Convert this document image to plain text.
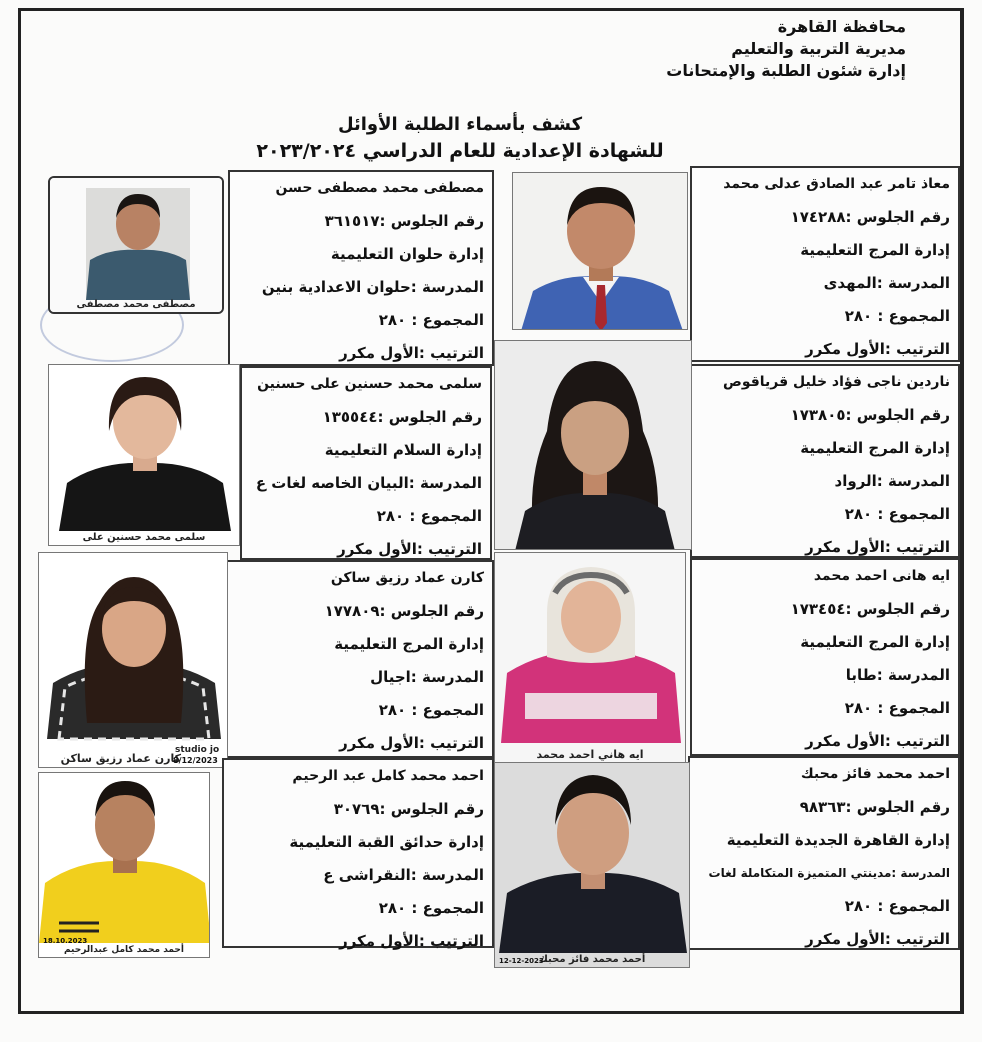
محافظة القاهرة
مديرية التربية والتعليم
إدارة شئون الطلبة والإمتحانات
كشف بأسماء الطلبة الأوائل
للشهادة الإعدادية للعام الدراسي ٢٠٢٣/٢٠٢٤
معاذ تامر عبد الصادق عدلى محمد
رقم الجلوس :١٧٤٢٨٨
إدارة المرج التعليمية
المدرسة :المهدى
المجموع : ٢٨٠
الترتيب :الأول مكرر
مصطفى محمد مصطفى حسن
رقم الجلوس :٣٦١٥١٧
إدارة حلوان التعليمية
المدرسة :حلوان الاعدادية بنين
المجموع : ٢٨٠
الترتيب :الأول مكرر
مصطفى محمد مصطفى
ناردين ناجى فؤاد خليل قرياقوص
رقم الجلوس :١٧٣٨٠٥
إدارة المرج التعليمية
المدرسة :الرواد
المجموع : ٢٨٠
الترتيب :الأول مكرر
سلمى محمد حسنين على حسنين
رقم الجلوس :١٣٥٥٤٤
إدارة السلام التعليمية
المدرسة :البيان الخاصه لغات ع
المجموع : ٢٨٠
الترتيب :الأول مكرر
سلمى محمد حسنين على
ايه هانى احمد محمد
رقم الجلوس :١٧٣٤٥٤
إدارة المرج التعليمية
المدرسة :طابا
المجموع : ٢٨٠
الترتيب :الأول مكرر
ايه هاني احمد محمد
كارن عماد رزيق ساكن
رقم الجلوس :١٧٧٨٠٩
إدارة المرج التعليمية
المدرسة :اجيال
المجموع : ٢٨٠
الترتيب :الأول مكرر
كارن عماد رزيق ساكن
8/12/2023
studio jo
احمد محمد فائز محبك
رقم الجلوس :٩٨٣٦٣
إدارة القاهرة الجديدة التعليمية
المدرسة :مدينتي المتميزة المتكاملة لغات
المجموع : ٢٨٠
الترتيب :الأول مكرر
أحمد محمد فائز محبك
12-12-2023
احمد محمد كامل عبد الرحيم
رقم الجلوس :٣٠٧٦٩
إدارة حدائق القبة التعليمية
المدرسة :النقراشى ع
المجموع : ٢٨٠
الترتيب :الأول مكرر
أحمد محمد كامل عبدالرحيم
18.10.2023
